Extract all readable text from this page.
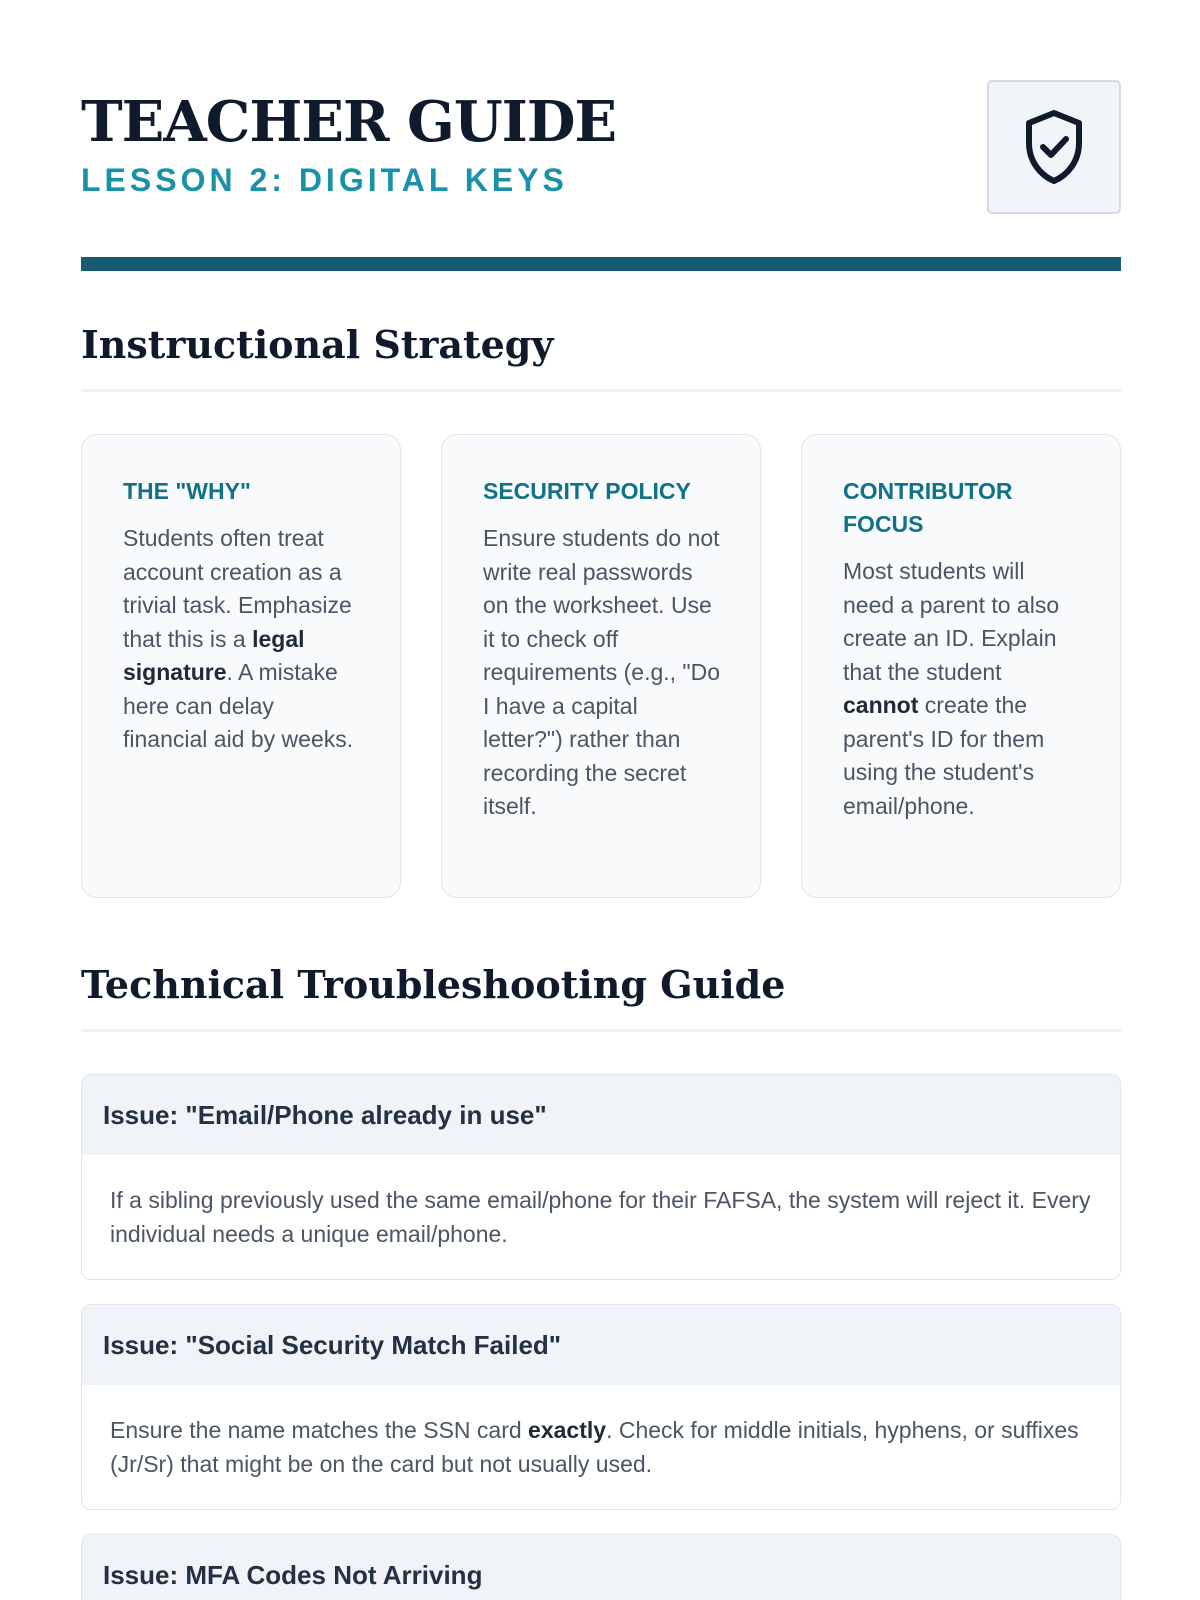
TEACHER GUIDE
LESSON 2: DIGITAL KEYS
Instructional Strategy
THE "WHY"

Students often treat account creation as a trivial task. Emphasize that this is a legal signature. A mistake here can delay financial aid by weeks.

SECURITY POLICY

Ensure students do not write real passwords on the worksheet. Use it to check off requirements (e.g., "Do I have a capital letter?") rather than recording the secret itself.

CONTRIBUTOR FOCUS

Most students will need a parent to also create an ID. Explain that the student cannot create the parent's ID for them using the student's email/phone.

Technical Troubleshooting Guide
Issue: "Email/Phone already in use"
If a sibling previously used the same email/phone for their FAFSA, the system will reject it. Every individual needs a unique email/phone.
Issue: "Social Security Match Failed"
Ensure the name matches the SSN card exactly. Check for middle initials, hyphens, or suffixes (Jr/Sr) that might be on the card but not usually used.
Issue: MFA Codes Not Arriving
